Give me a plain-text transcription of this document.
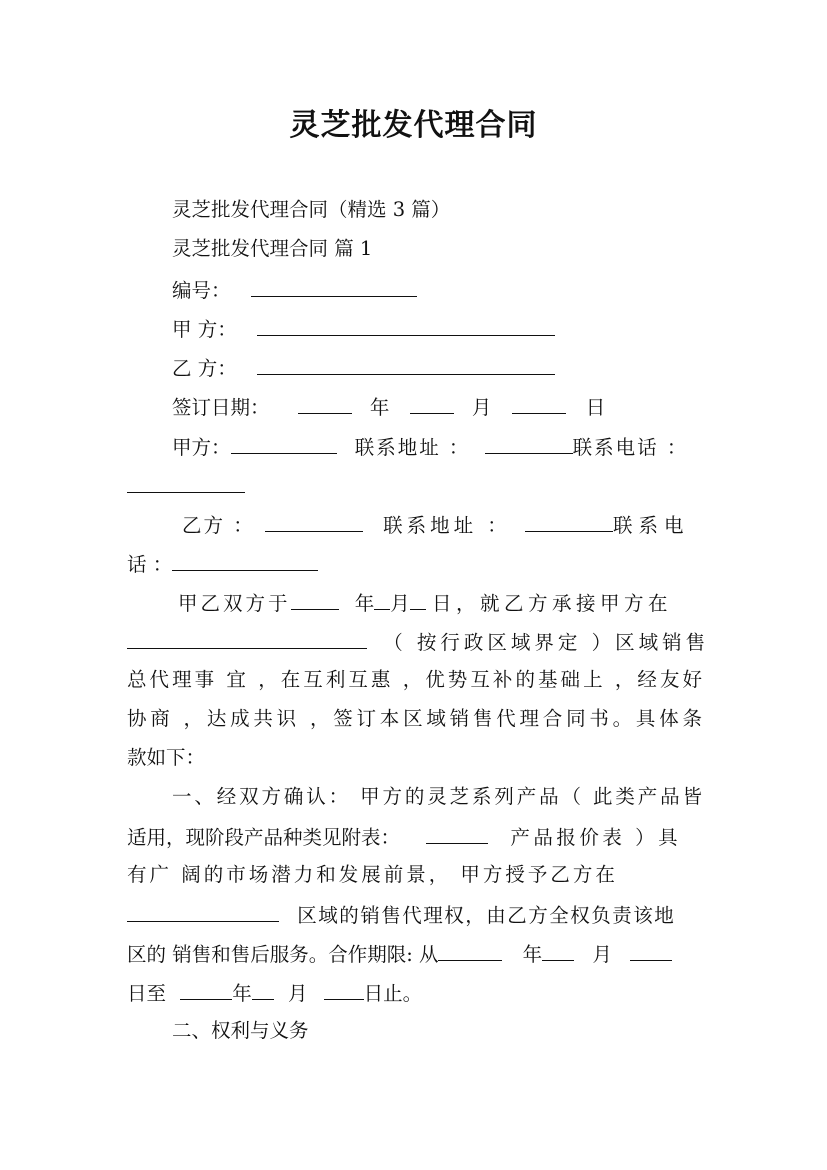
灵芝批发代理合同
灵芝批发代理合同（精选 3 篇）
灵芝批发代理合同 篇 1
编号：
甲 方：
乙 方：
签订日期：	年	月	日
甲方：	联系地址 ：	联系电话 ：
乙方 ：	联系地址 ：	联系电
话 ：
甲乙双方于	年 月 日，就乙方承接甲方在
（ 按行政区域界定 ）区域销售
总代理事 宜 ，在互利互惠 ，优势互补的基础上 ，经友好
协商 ，达成共识 ，签订本区域销售代理合同书。具体条
款如下：
一、经双方确认： 甲方的灵芝系列产品（ 此类产品皆
适用，现阶段产品种类见附表：	产品报价表 ）具
有广 阔的市场潜力和发展前景， 甲方授予乙方在
区域的销售代理权，由乙方全权负责该地
区的 销售和售后服务。合作期限: 从	年	月
日至	年 月	日止。
二、权利与义务
